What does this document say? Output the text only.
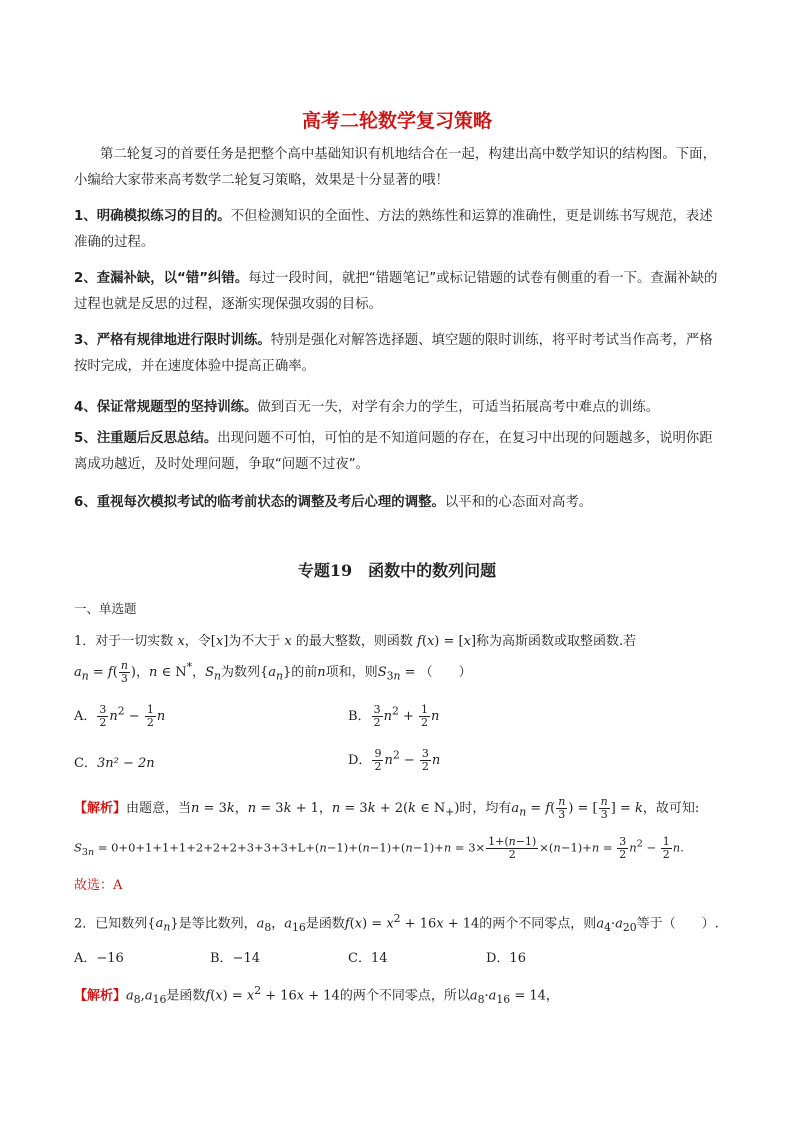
高考二轮数学复习策略
第二轮复习的首要任务是把整个高中基础知识有机地结合在一起，构建出高中数学知识的结构图。下面，小编给大家带来高考数学二轮复习策略，效果是十分显著的哦！
1、明确模拟练习的目的。不但检测知识的全面性、方法的熟练性和运算的准确性，更是训练书写规范，表述准确的过程。
2、查漏补缺，以“错”纠错。每过一段时间，就把“错题笔记”或标记错题的试卷有侧重的看一下。查漏补缺的过程也就是反思的过程，逐渐实现保强攻弱的目标。
3、严格有规律地进行限时训练。特别是强化对解答选择题、填空题的限时训练，将平时考试当作高考，严格按时完成，并在速度体验中提高正确率。
4、保证常规题型的坚持训练。做到百无一失，对学有余力的学生，可适当拓展高考中难点的训练。
5、注重题后反思总结。出现问题不可怕，可怕的是不知道问题的存在，在复习中出现的问题越多，说明你距离成功越近，及时处理问题，争取“问题不过夜”。
6、重视每次模拟考试的临考前状态的调整及考后心理的调整。以平和的心态面对高考。
专题19　函数中的数列问题
一、单选题
1．对于一切实数 x，令[x]为不大于 x 的最大整数，则函数 f(x) = [x]称为高斯函数或取整函数.若
$a_n = f( \frac{n}{3}$ )，n ∈ N*，$S_n$为数列$\{a_n\}$的前n项和，则$S_{3n}$ = （　　）
A． $\frac{3}{2} n^2 - \frac{1}{2}$ n	B． $\frac{3}{2} n^2 + \frac{1}{2}$ n
C．3n² − 2n	D． $\frac{9}{2} n^2 - \frac{3}{2}$ n
【解析】由题意，当n = 3k，n = 3k + 1，n = 3k + 2(k ∈ $N_+$)时，均有$a_n = f( \frac{n}{3}$ ) = [ $\frac{n}{3}$ ] = k，故可知:
$S_{3n} = 0+0+1+1+1+2+2+2+3+3+3+L+(n-1)+(n-1)+(n-1)+n = 3\times \frac{1+(n-1)}{2} \times(n-1)+n = \frac{3}{2} n^2 - \frac{1}{2} n$.
故选：A
2．已知数列$\{a_n\}$是等比数列，$a_8$，$a_{16}$是函数$f(x) = x^2 + 16x + 14$的两个不同零点，则$a_4\cdot a_{20}$等于（　　）.
A．−16	B．−14	C．14	D．16
【解析】$a_8,a_{16}$是函数$f(x) = x^2 + 16x + 14$的两个不同零点，所以$a_8\cdot a_{16} = 14$，
